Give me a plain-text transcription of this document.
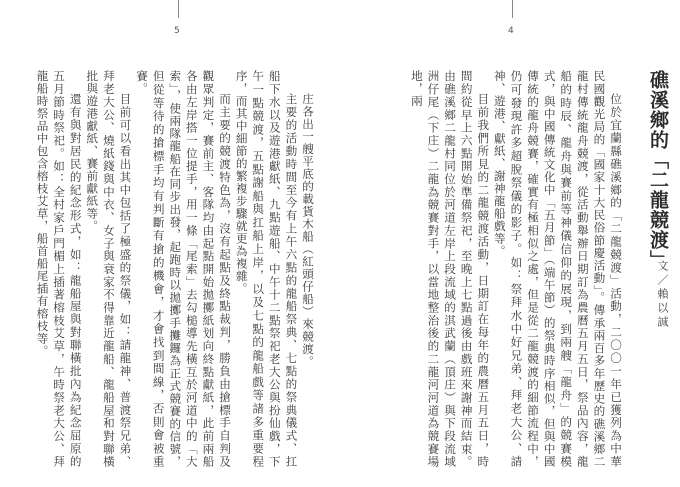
5

庄各出一艘平底的載貨木船（紅頭仔船）來競渡。

主要的活動時間至今有上午六點的龍船祭典、七點的祭典儀式、扛船下水以及遊港獻紙、九點遊船、中午十二點祭祀老大公與扮仙戲，下午一點競渡，五點謝船與扛船上岸，以及七點的龍船戲等諸多重要程序，而其中細節的繁複步驟就更為複雜。

而主要的競渡特色為，沒有起點及終點裁判，勝負由搶標手自判及觀眾判定，賽前主、客隊均由起點開始拋擲紙划向終點獻紙，此前兩船各由左岸搭一位提手，用一條「尾索」去勾槌導先橫互於河道中的「大索」，使兩隊龍船在同步出發，起跑時以拋擲手攤鑼為正式競賽的信號，但從等待的搶標手均有判斷有搶的機會，才會找到間線，否則會被重賽。

目前可以看出其中包括了極盛的祭儀，如：請龍神、普渡祭兄弟、拜老大公、燒紙錢與中衣、女子與衰家不得靠近龍船、龍船屋和對聯橫批與遊港獻紙、賽前獻紙等。

還有與對居民的紀念形式，如：龍船屋與對聯橫批內為紀念屈原的五月節時祭祀。如：全村家戶門楣上插著榕枝艾草，午時祭老大公、拜龍船時祭品中包含榕枝艾草，船首船尾插有榕枝等。

4

位於宜蘭縣礁溪鄉的「二龍競渡」活動，二〇〇一年已獲列為中華民國觀光局的「國家十大民俗節慶活動」。傳承兩百多年歷史的礁溪鄉二龍村傳統龍舟競渡，從活動舉辦日期訂為農曆五月五日，祭品內容，龍船的時辰、龍舟與賽前等神儀信仰的展現，到兩艘「龍舟」的競賽模式，與中國傳統文化中「五月節」（端午節）的祭典時序相似，但與中國傳統的龍舟競賽，確實有極相似之處，但是從二龍競渡的細節流程中，仍可發現許多超脫祭儀的影子。如：祭拜水中好兄弟、拜老大公、請神、遊港、獻紙、謝神龍船戲等。

目前我們所見的二龍競渡活動，日期訂在每年的農曆五月五日，時間約從早上六點開始準備祭祀，至晚上七點過後由戲班來謝神而結束。由礁溪鄉二龍村同位於河道左岸上段流域的淇武蘭（頂庄）與下段流域洲仔尾（下庄）二龍為競賽對手，以當地整治後的二龍河河道為競賽場地，兩	礁溪鄉的「二龍競渡」
文／賴以誠
